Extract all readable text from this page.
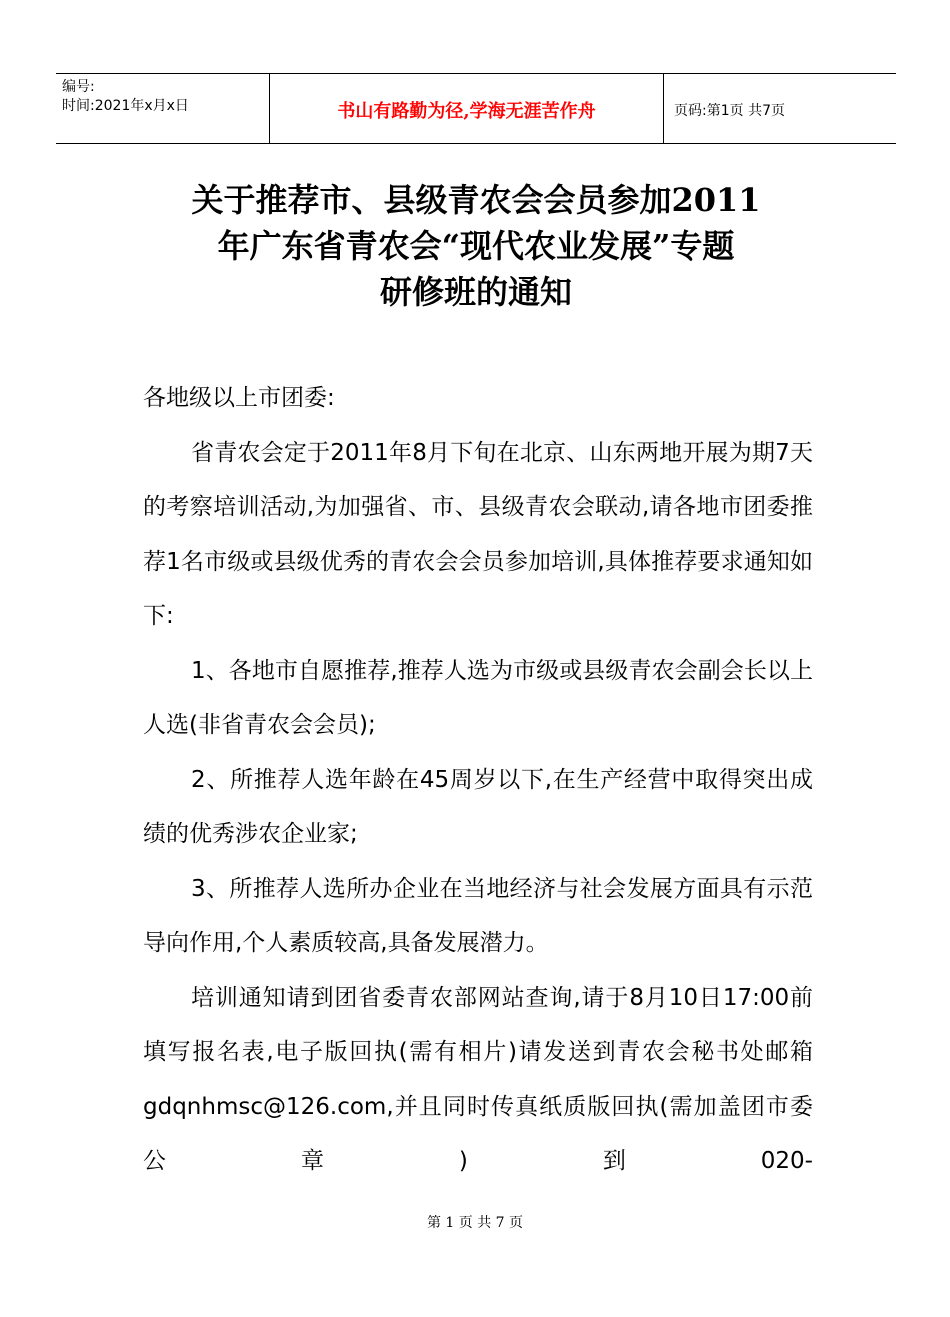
编号:
时间:2021年x月x日	书山有路勤为径,学海无涯苦作舟	页码:第1页 共7页
关于推荐市、县级青农会会员参加2011
年广东省青农会“现代农业发展”专题
研修班的通知

各地级以上市团委:

省青农会定于2011年8月下旬在北京、山东两地开展为期7天的考察培训活动,为加强省、市、县级青农会联动,请各地市团委推荐1名市级或县级优秀的青农会会员参加培训,具体推荐要求通知如下:

1、各地市自愿推荐,推荐人选为市级或县级青农会副会长以上人选(非省青农会会员);

2、所推荐人选年龄在45周岁以下,在生产经营中取得突出成绩的优秀涉农企业家;

3、所推荐人选所办企业在当地经济与社会发展方面具有示范导向作用,个人素质较高,具备发展潜力。

培训通知请到团省委青农部网站查询,请于8月10日17:00前填写报名表,电子版回执(需有相片)请发送到青农会秘书处邮箱gdqnhmsc@126.com,并且同时传真纸质版回执(需加盖团市委公章)到020-

第 1 页 共 7 页
